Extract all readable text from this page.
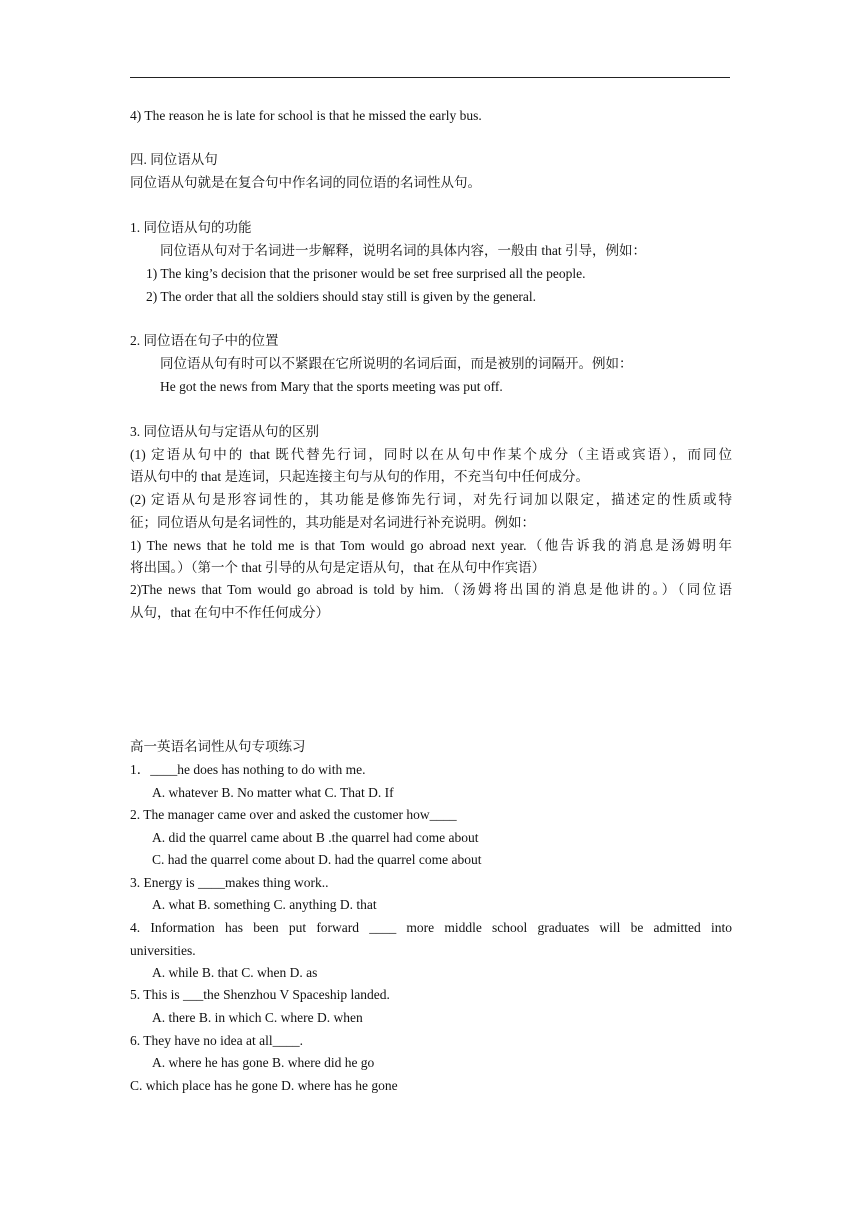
4) The reason he is late for school is that he missed the early bus.
四. 同位语从句
同位语从句就是在复合句中作名词的同位语的名词性从句。
1. 同位语从句的功能
同位语从句对于名词进一步解释，说明名词的具体内容，一般由 that 引导，例如：
1) The king’s decision that the prisoner would be set free surprised all the people.
2) The order that all the soldiers should stay still is given by the general.
2. 同位语在句子中的位置
同位语从句有时可以不紧跟在它所说明的名词后面，而是被别的词隔开。例如：
He got the news from Mary that the sports meeting was put off.
3. 同位语从句与定语从句的区别
(1) 定语从句中的 that 既代替先行词，同时以在从句中作某个成分（主语或宾语），而同位
语从句中的 that 是连词，只起连接主句与从句的作用，不充当句中任何成分。
(2) 定语从句是形容词性的，其功能是修饰先行词，对先行词加以限定，描述定的性质或特
征；同位语从句是名词性的，其功能是对名词进行补充说明。例如：
1) The news that he told me is that Tom would go abroad next year.（他告诉我的消息是汤姆明年
将出国。）（第一个 that 引导的从句是定语从句，that 在从句中作宾语）
2)The news that Tom would go abroad is told by him.（汤姆将出国的消息是他讲的。）（同位语
从句，that 在句中不作任何成分）
高一英语名词性从句专项练习
1．____he does has nothing to do with me.
A. whatever B. No matter what C. That D. If
2. The manager came over and asked the customer how____
A. did the quarrel came about B .the quarrel had come about
C. had the quarrel come about D. had the quarrel come about
3. Energy is ____makes thing work..
A. what B. something C. anything D. that
4. Information has been put forward ____ more middle school graduates will be admitted into
universities.
A. while B. that C. when D. as
5. This is ___the Shenzhou V Spaceship landed.
A. there B. in which C. where D. when
6. They have no idea at all____.
A. where he has gone B. where did he go
C. which place has he gone D. where has he gone
